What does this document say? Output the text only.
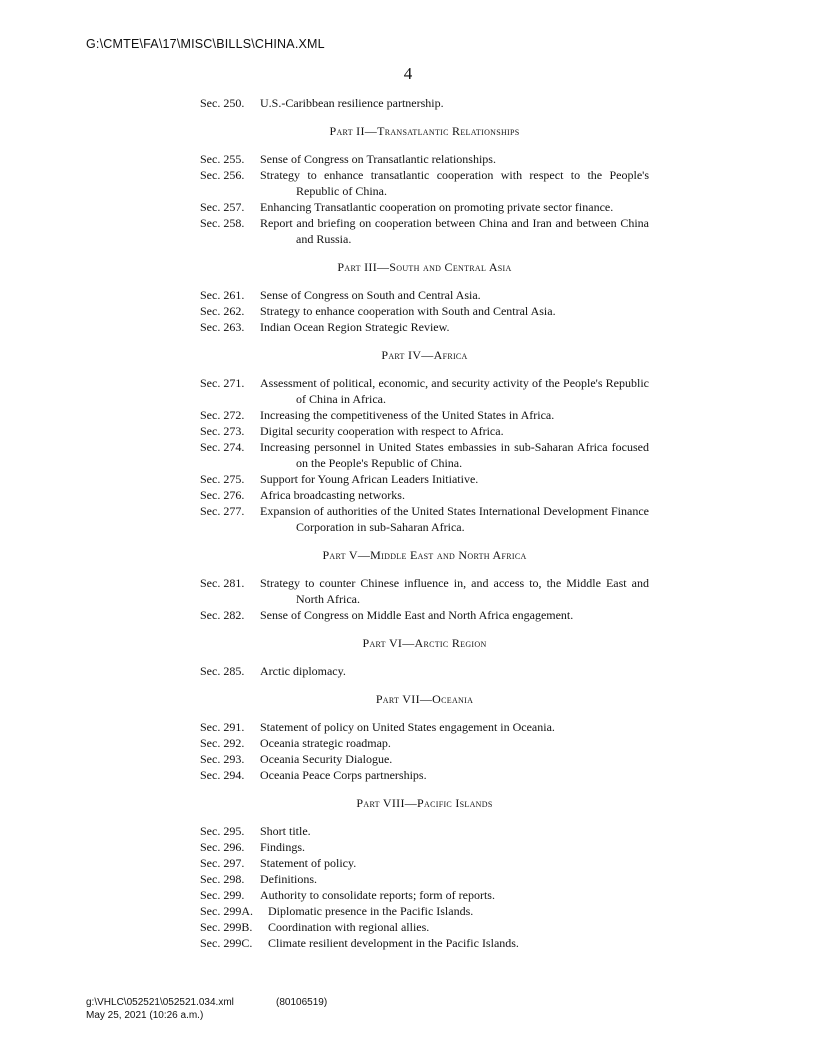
G:\CMTE\FA\17\MISC\BILLS\CHINA.XML
4
Sec. 250. U.S.-Caribbean resilience partnership.
Part II—Transatlantic Relationships
Sec. 255. Sense of Congress on Transatlantic relationships.
Sec. 256. Strategy to enhance transatlantic cooperation with respect to the People's Republic of China.
Sec. 257. Enhancing Transatlantic cooperation on promoting private sector finance.
Sec. 258. Report and briefing on cooperation between China and Iran and between China and Russia.
Part III—South and Central Asia
Sec. 261. Sense of Congress on South and Central Asia.
Sec. 262. Strategy to enhance cooperation with South and Central Asia.
Sec. 263. Indian Ocean Region Strategic Review.
Part IV—Africa
Sec. 271. Assessment of political, economic, and security activity of the People's Republic of China in Africa.
Sec. 272. Increasing the competitiveness of the United States in Africa.
Sec. 273. Digital security cooperation with respect to Africa.
Sec. 274. Increasing personnel in United States embassies in sub-Saharan Africa focused on the People's Republic of China.
Sec. 275. Support for Young African Leaders Initiative.
Sec. 276. Africa broadcasting networks.
Sec. 277. Expansion of authorities of the United States International Development Finance Corporation in sub-Saharan Africa.
Part V—Middle East and North Africa
Sec. 281. Strategy to counter Chinese influence in, and access to, the Middle East and North Africa.
Sec. 282. Sense of Congress on Middle East and North Africa engagement.
Part VI—Arctic Region
Sec. 285. Arctic diplomacy.
Part VII—Oceania
Sec. 291. Statement of policy on United States engagement in Oceania.
Sec. 292. Oceania strategic roadmap.
Sec. 293. Oceania Security Dialogue.
Sec. 294. Oceania Peace Corps partnerships.
Part VIII—Pacific Islands
Sec. 295. Short title.
Sec. 296. Findings.
Sec. 297. Statement of policy.
Sec. 298. Definitions.
Sec. 299. Authority to consolidate reports; form of reports.
Sec. 299A. Diplomatic presence in the Pacific Islands.
Sec. 299B. Coordination with regional allies.
Sec. 299C. Climate resilient development in the Pacific Islands.
g:\VHLC\052521\052521.034.xml	(80106519)
May 25, 2021 (10:26 a.m.)
